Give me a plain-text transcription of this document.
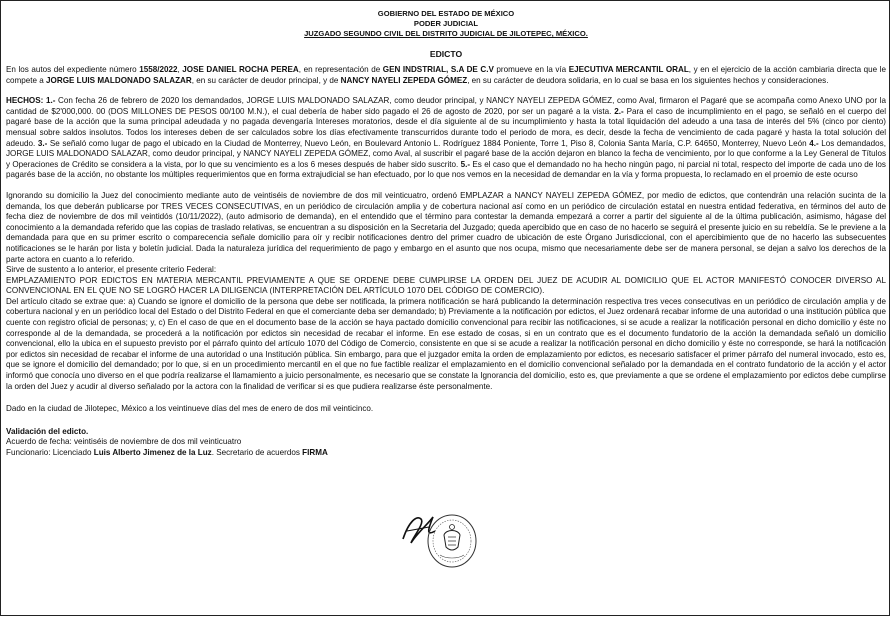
GOBIERNO DEL ESTADO DE MÉXICO
PODER JUDICIAL
JUZGADO SEGUNDO CIVIL DEL DISTRITO JUDICIAL DE JILOTEPEC, MÉXICO.
EDICTO

En los autos del expediente número 1558/2022, JOSE DANIEL ROCHA PEREA, en representación de GEN INDSTRIAL, S.A DE C.V promueve en la vía EJECUTIVA MERCANTIL ORAL, y en el ejercicio de la acción cambiaria directa que le compete a JORGE LUIS MALDONADO SALAZAR, en su carácter de deudor principal, y de NANCY NAYELI ZEPEDA GÓMEZ, en su carácter de deudora solidaria, en lo cual se basa en los siguientes hechos y consideraciones.

HECHOS: 1.- Con fecha 26 de febrero de 2020 los demandados, JORGE LUIS MALDONADO SALAZAR, como deudor principal, y NANCY NAYELI ZEPEDA GÓMEZ, como Aval, firmaron el Pagaré que se acompaña como Anexo UNO por la cantidad de $2'000,000. 00 (DOS MILLONES DE PESOS 00/100 M.N.), el cual debería de haber sido pagado el 26 de agosto de 2020, por ser un pagaré a la vista. 2.- Para el caso de incumplimiento en el pago, se señaló en el cuerpo del pagaré base de la acción que la suma principal adeudada y no pagada devengaría Intereses moratorios, desde el día siguiente al de su incumplimiento y hasta la total liquidación del adeudo a una tasa de interés del 5% (cinco por ciento) mensual sobre saldos insolutos. Todos los intereses deben de ser calculados sobre los días efectivamente transcurridos durante todo el periodo de mora, es decir, desde la fecha de vencimiento de cada pagaré y hasta la total solución del adeudo. 3.- Se señaló como lugar de pago el ubicado en la Ciudad de Monterrey, Nuevo León, en Boulevard Antonio L. Rodríguez 1884 Poniente, Torre 1, Piso 8, Colonia Santa María, C.P. 64650, Monterrey, Nuevo León 4.- Los demandados, JORGE LUIS MALDONADO SALAZAR, como deudor principal, y NANCY NAYELI ZEPEDA GÓMEZ, como Aval, al suscribir el pagaré base de la acción dejaron en blanco la fecha de vencimiento, por lo que conforme a la Ley General de Títulos y Operaciones de Crédito se considera a la vista, por lo que su vencimiento es a los 6 meses después de haber sido suscrito. 5.- Es el caso que el demandado no ha hecho ningún pago, ni parcial ni total, respecto del importe de cada uno de los pagarés base de la acción, no obstante los múltiples requerimientos que en forma extrajudicial se han efectuado, por lo que nos vemos en la necesidad de demandar en la vía y forma propuesta, lo reclamado en el proemio de este ocurso

Ignorando su domicilio la Juez del conocimiento mediante auto de veintiséis de noviembre de dos mil veinticuatro, ordenó EMPLAZAR a NANCY NAYELI ZEPEDA GÓMEZ, por medio de edictos, que contendrán una relación sucinta de la demanda, los que deberán publicarse por TRES VECES CONSECUTIVAS, en un periódico de circulación amplia y de cobertura nacional así como en un periódico de circulación estatal en nuestra entidad federativa, en términos del auto de fecha diez de noviembre de dos mil veintidós (10/11/2022), (auto admisorio de demanda), en el entendido que el término para contestar la demanda empezará a correr a partir del siguiente al de la última publicación, asimismo, hágase del conocimiento a la demandada referido que las copias de traslado relativas, se encuentran a su disposición en la Secretaria del Juzgado; queda apercibido que en caso de no hacerlo se seguirá el presente juicio en su rebeldía. Se le previene a la demandada para que en su primer escrito o comparecencia señale domicilio para oír y recibir notificaciones dentro del primer cuadro de ubicación de este Órgano Jurisdiccional, con el apercibimiento que de no hacerlo las subsecuentes notificaciones se le harán por lista y boletín judicial. Dada la naturaleza jurídica del requerimiento de pago y embargo en el asunto que nos ocupa, mismo que necesariamente debe ser de manera personal, se dejan a salvo los derechos de la parte actora en cuanto a lo referido.

Sirve de sustento a lo anterior, el presente criterio Federal:

EMPLAZAMIENTO POR EDICTOS EN MATERIA MERCANTIL PREVIAMENTE A QUE SE ORDENE DEBE CUMPLIRSE LA ORDEN DEL JUEZ DE ACUDIR AL DOMICILIO QUE EL ACTOR MANIFESTÓ CONOCER DIVERSO AL CONVENCIONAL EN EL QUE NO SE LOGRÓ HACER LA DILIGENCIA (INTERPRETACIÓN DEL ARTÍCULO 1070 DEL CÓDIGO DE COMERCIO).

Del artículo citado se extrae que: a) Cuando se ignore el domicilio de la persona que debe ser notificada, la primera notificación se hará publicando la determinación respectiva tres veces consecutivas en un periódico de circulación amplia y de cobertura nacional y en un periódico local del Estado o del Distrito Federal en que el comerciante deba ser demandado; b) Previamente a la notificación por edictos, el Juez ordenará recabar informe de una autoridad o una institución pública que cuente con registro oficial de personas; y, c) En el caso de que en el documento base de la acción se haya pactado domicilio convencional para recibir las notificaciones, si se acude a realizar la notificación personal en dicho domicilio y éste no corresponde al de la demandada, se procederá a la notificación por edictos sin necesidad de recabar el informe. En ese estado de cosas, si en un contrato que es el documento fundatorio de la acción la demandada señaló un domicilio convencional, ello la ubica en el supuesto previsto por el párrafo quinto del artículo 1070 del Código de Comercio, consistente en que si se acude a realizar la notificación personal en dicho domicilio y éste no corresponde, se hará la notificación por edictos sin necesidad de recabar el informe de una autoridad o una Institución pública. Sin embargo, para que el juzgador emita la orden de emplazamiento por edictos, es necesario satisfacer el primer párrafo del numeral invocado, esto es, que se ignore el domicilio del demandado; por lo que, si en un procedimiento mercantil en el que no fue factible realizar el emplazamiento en el domicilio convencional señalado por la demandada en el contrato fundatorio de la acción y el actor informó que conocía uno diverso en el que podría realizarse el llamamiento a juicio personalmente, es necesario que se constate la Ignorancia del domicilio, esto es, que previamente a que se ordene el emplazamiento por edictos debe cumplirse la orden del Juez y acudir al diverso señalado por la actora con la finalidad de verificar si es que pudiera realizarse éste personalmente.

Dado en la ciudad de Jilotepec, México a los veintinueve días del mes de enero de dos mil veinticinco.

Validación del edicto.

Acuerdo de fecha: veintiséis de noviembre de dos mil veinticuatro

Funcionario: Licenciado Luis Alberto Jimenez de la Luz. Secretario de acuerdos FIRMA
